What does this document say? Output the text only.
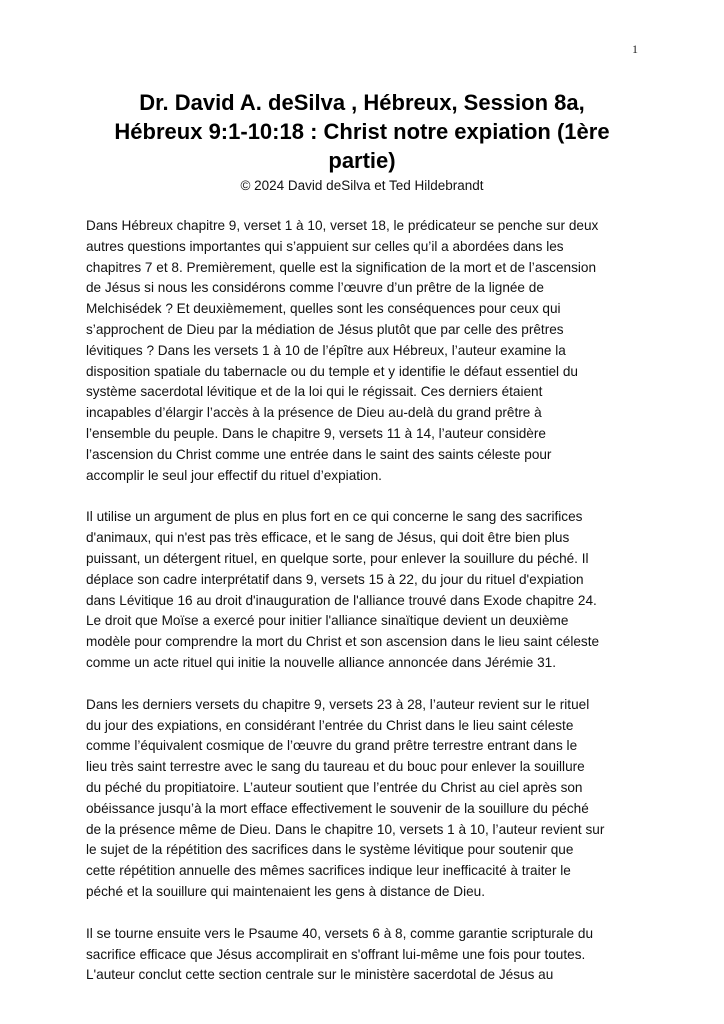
1
Dr. David A. deSilva , Hébreux, Session 8a,
Hébreux 9:1-10:18 : Christ notre expiation (1ère
partie)

© 2024 David deSilva et Ted Hildebrandt

Dans Hébreux chapitre 9, verset 1 à 10, verset 18, le prédicateur se penche sur deux
autres questions importantes qui s’appuient sur celles qu’il a abordées dans les
chapitres 7 et 8. Premièrement, quelle est la signification de la mort et de l’ascension
de Jésus si nous les considérons comme l’œuvre d’un prêtre de la lignée de
Melchisédek ? Et deuxièmement, quelles sont les conséquences pour ceux qui
s’approchent de Dieu par la médiation de Jésus plutôt que par celle des prêtres
lévitiques ? Dans les versets 1 à 10 de l’épître aux Hébreux, l’auteur examine la
disposition spatiale du tabernacle ou du temple et y identifie le défaut essentiel du
système sacerdotal lévitique et de la loi qui le régissait. Ces derniers étaient
incapables d’élargir l’accès à la présence de Dieu au-delà du grand prêtre à
l’ensemble du peuple. Dans le chapitre 9, versets 11 à 14, l’auteur considère
l’ascension du Christ comme une entrée dans le saint des saints céleste pour
accomplir le seul jour effectif du rituel d’expiation.

Il utilise un argument de plus en plus fort en ce qui concerne le sang des sacrifices
d'animaux, qui n'est pas très efficace, et le sang de Jésus, qui doit être bien plus
puissant, un détergent rituel, en quelque sorte, pour enlever la souillure du péché. Il
déplace son cadre interprétatif dans 9, versets 15 à 22, du jour du rituel d'expiation
dans Lévitique 16 au droit d'inauguration de l'alliance trouvé dans Exode chapitre 24.
Le droit que Moïse a exercé pour initier l'alliance sinaïtique devient un deuxième
modèle pour comprendre la mort du Christ et son ascension dans le lieu saint céleste
comme un acte rituel qui initie la nouvelle alliance annoncée dans Jérémie 31.

Dans les derniers versets du chapitre 9, versets 23 à 28, l’auteur revient sur le rituel
du jour des expiations, en considérant l’entrée du Christ dans le lieu saint céleste
comme l’équivalent cosmique de l’œuvre du grand prêtre terrestre entrant dans le
lieu très saint terrestre avec le sang du taureau et du bouc pour enlever la souillure
du péché du propitiatoire. L’auteur soutient que l’entrée du Christ au ciel après son
obéissance jusqu’à la mort efface effectivement le souvenir de la souillure du péché
de la présence même de Dieu. Dans le chapitre 10, versets 1 à 10, l’auteur revient sur
le sujet de la répétition des sacrifices dans le système lévitique pour soutenir que
cette répétition annuelle des mêmes sacrifices indique leur inefficacité à traiter le
péché et la souillure qui maintenaient les gens à distance de Dieu.

Il se tourne ensuite vers le Psaume 40, versets 6 à 8, comme garantie scripturale du
sacrifice efficace que Jésus accomplirait en s'offrant lui-même une fois pour toutes.
L'auteur conclut cette section centrale sur le ministère sacerdotal de Jésus au
